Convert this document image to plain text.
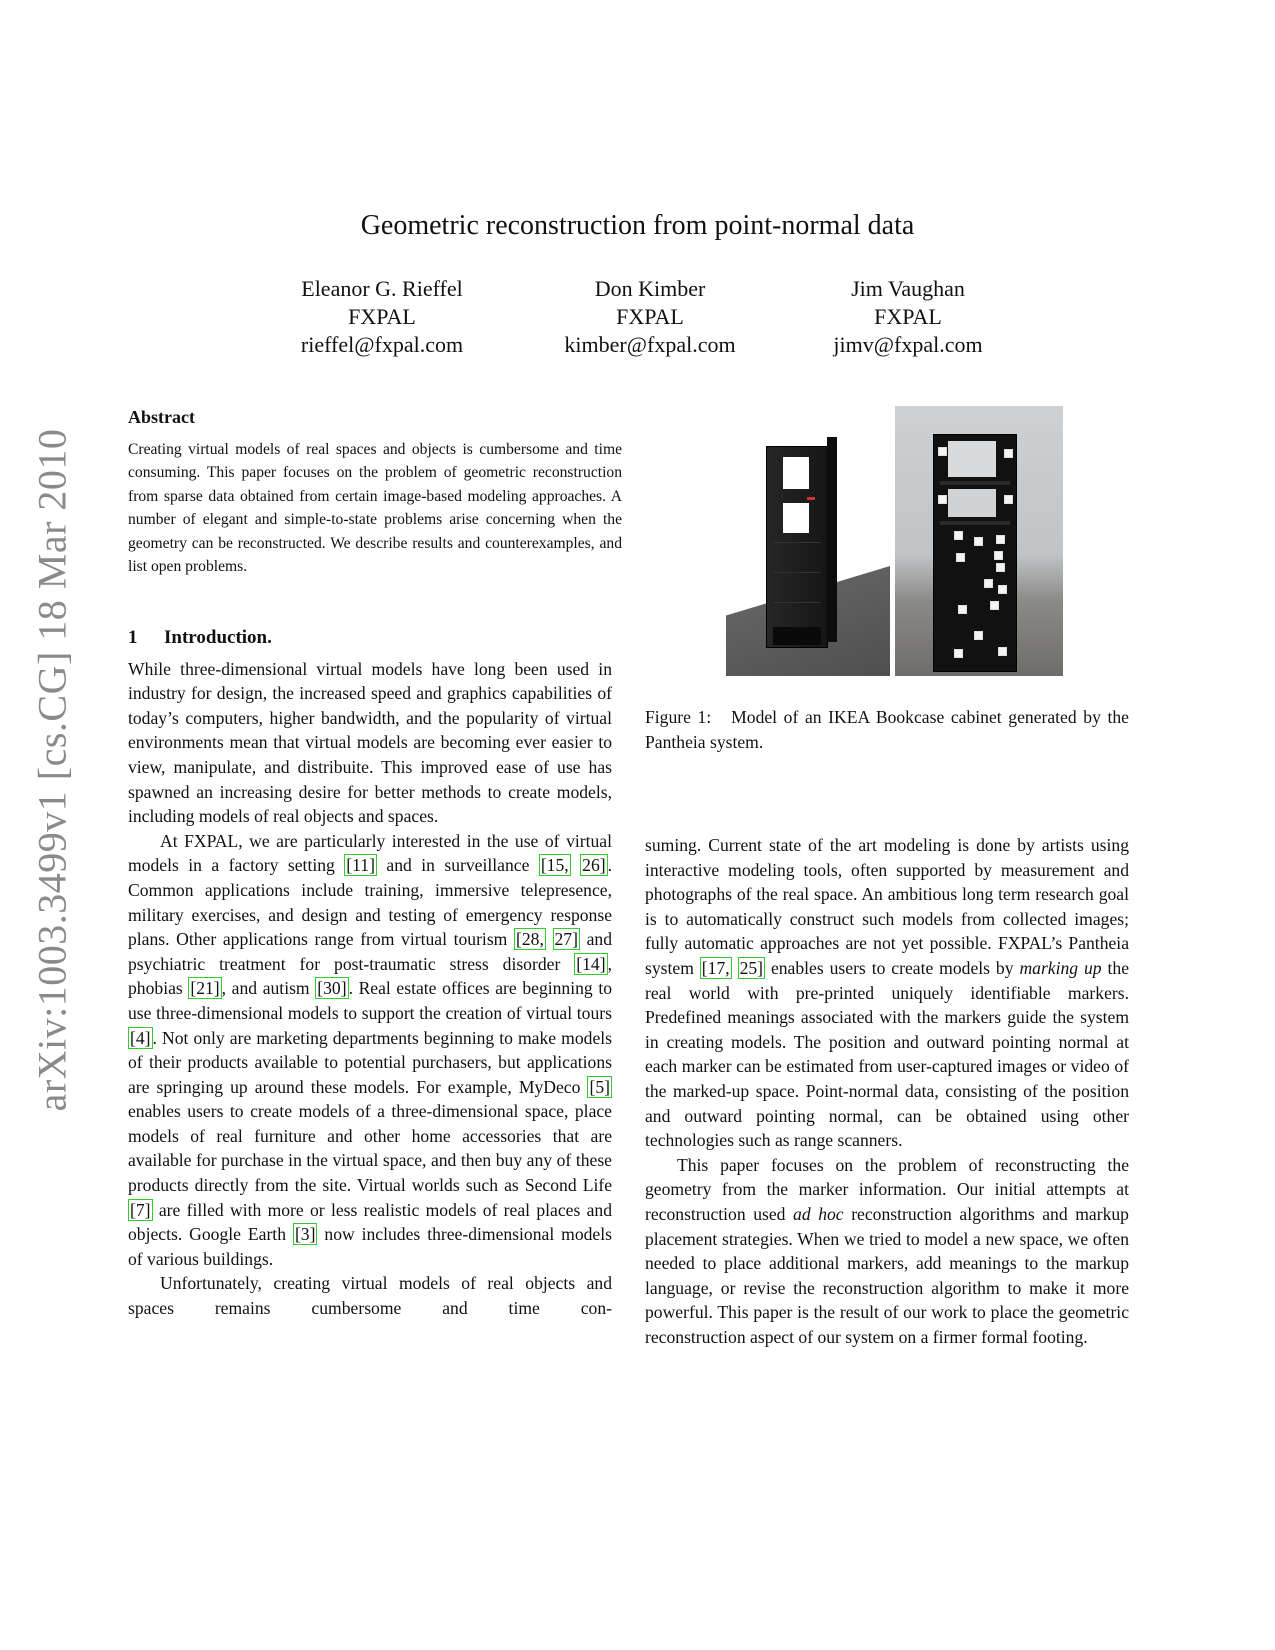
arXiv:1003.3499v1 [cs.CG] 18 Mar 2010
Geometric reconstruction from point-normal data
Eleanor G. Rieffel
FXPAL
rieffel@fxpal.com
Don Kimber
FXPAL
kimber@fxpal.com
Jim Vaughan
FXPAL
jimv@fxpal.com
Abstract
Creating virtual models of real spaces and objects is cumbersome and time consuming. This paper focuses on the problem of geometric reconstruction from sparse data obtained from certain image-based modeling approaches. A number of elegant and simple-to-state problems arise concerning when the geometry can be reconstructed. We describe results and counterexamples, and list open problems.
Figure 1: Model of an IKEA Bookcase cabinet generated by the Pantheia system.

1 Introduction.

While three-dimensional virtual models have long been used in industry for design, the increased speed and graphics capabilities of today’s computers, higher bandwidth, and the popularity of virtual environments mean that virtual models are becoming ever easier to view, manipulate, and distribuite. This improved ease of use has spawned an increasing desire for better methods to create models, including models of real objects and spaces.

At FXPAL, we are particularly interested in the use of virtual models in a factory setting [11] and in surveillance [15, 26] . Common applications include training, immersive telepresence, military exercises, and design and testing of emergency response plans. Other applications range from virtual tourism [28, 27] and psychiatric treatment for post-traumatic stress disorder [14] , phobias [21] , and autism [30] . Real estate offices are beginning to use three-dimensional models to support the creation of virtual tours [4] . Not only are marketing departments beginning to make models of their products available to potential purchasers, but applications are springing up around these models. For example, MyDeco [5] enables users to create models of a three-dimensional space, place models of real furniture and other home accessories that are available for purchase in the virtual space, and then buy any of these products directly from the site. Virtual worlds such as Second Life [7] are filled with more or less realistic models of real places and objects. Google Earth [3] now includes three-dimensional models of various buildings.

Unfortunately, creating virtual models of real objects and spaces remains cumbersome and time con-

suming. Current state of the art modeling is done by artists using interactive modeling tools, often supported by measurement and photographs of the real space. An ambitious long term research goal is to automatically construct such models from collected images; fully automatic approaches are not yet possible. FXPAL’s Pantheia system [17, 25] enables users to create models by marking up the real world with pre-printed uniquely identifiable markers. Predefined meanings associated with the markers guide the system in creating models. The position and outward pointing normal at each marker can be estimated from user-captured images or video of the marked-up space. Point-normal data, consisting of the position and outward pointing normal, can be obtained using other technologies such as range scanners.

This paper focuses on the problem of reconstructing the geometry from the marker information. Our initial attempts at reconstruction used ad hoc reconstruction algorithms and markup placement strategies. When we tried to model a new space, we often needed to place additional markers, add meanings to the markup language, or revise the reconstruction algorithm to make it more powerful. This paper is the result of our work to place the geometric reconstruction aspect of our system on a firmer formal footing.
